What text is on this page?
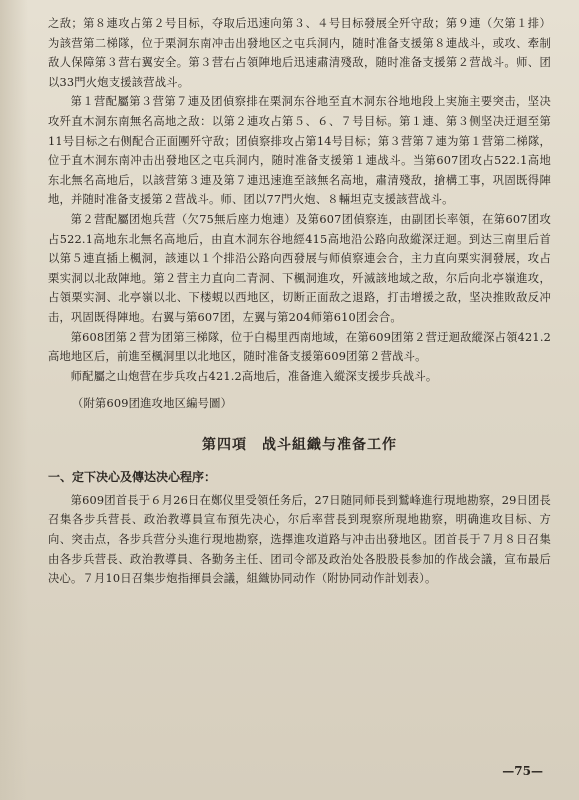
之敌；第８連攻占第２号目标，夺取后迅速向第３、４号目标發展全歼守敌；第９連（欠第１排）为該营第二梯隊，位于栗洞东南冲击出發地区之屯兵洞内，随时准备支援第８連战斗，或攻、牽制敌人保障第３营右翼安全。第３营右占領陣地后迅速肅清殘敌，随时准备支援第２营战斗。师、团以33門火炮支援該营战斗。

第１营配屬第３营第７連及团偵察排在栗洞东谷地至直木洞东谷地地段上実施主要突击，坚决攻歼直木洞东南無名高地之敌：以第２連攻占第５、６、７号目标。第１連、第３侧坚决迂迴至第11号目标之右侧配合正面團歼守敌；团偵察排攻占第14号目标；第３营第７連为第１营第二梯隊，位于直木洞东南冲击出發地区之屯兵洞内，随时准备支援第１連战斗。当第607团攻占522.1高地东北無名高地后，以該营第３連及第７連迅速進至該無名高地，肅清殘敌，搶構工事，巩固既得陣地，并随时准备支援第２营战斗。师、团以77門火炮、８輛坦克支援該营战斗。

第２营配屬团炮兵营（欠75無后座力炮連）及第607团偵察连，由副团长率領，在第607团攻占522.1高地东北無名高地后，由直木洞东谷地經415高地沿公路向敌縱深迂迴。到达三南里后首以第５連直插上楓洞，該連以１个排沿公路向西發展与师偵察連会合，主力直向栗实洞發展，攻占栗实洞以北敌陣地。第２营主力直向二青洞、下楓洞進攻，歼滅該地域之敌，尔后向北亭嶺進攻，占領栗实洞、北亭嶺以北、下楼蜆以西地区，切断正面敌之退路，打击增援之敌，坚决推敗敌反冲击，巩固既得陣地。右翼与第607团，左翼与第204师第610团会合。

第608团第２营为团第三梯隊，位于白楊里西南地域，在第609团第２营迂迴敌縱深占領421.2高地地区后，前進至楓洞里以北地区，随时准备支援第609团第２营战斗。

师配屬之山炮营在步兵攻占421.2高地后，准备進入縱深支援步兵战斗。

（附第609团進攻地区編号圖）

第四項　战斗組織与准备工作
一、定下决心及傳达决心程序：

第609团首長于６月26日在鄭仪里受領任务后，27日随同师長到鷲峰進行現地勘察，29日团長召集各步兵营長、政治教導員宣布預先决心，尔后率营長到現察所現地勘察，明确進攻目标、方向、突击点，各步兵营分头進行現地勘察，选擇進攻道路与冲击出發地区。团首長于７月８日召集由各步兵营長、政治教導員、各勤务主任、团司令部及政治处各股股長参加的作战会議，宣布最后决心。７月10日召集步炮指揮員会議，組織协同动作（附协同动作計划表）。

—75—
